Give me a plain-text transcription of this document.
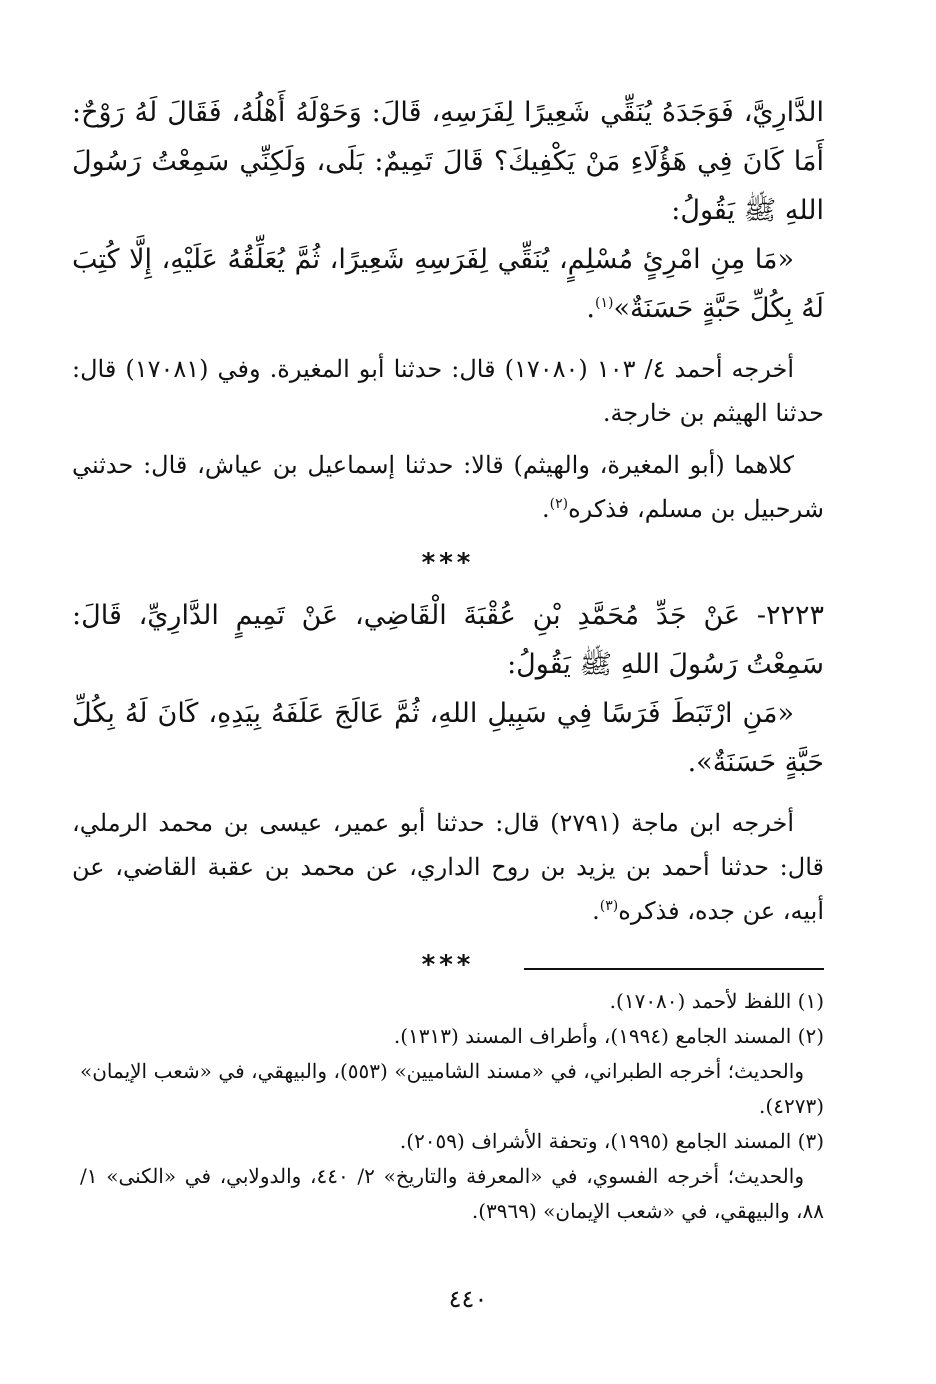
الدَّارِيَّ، فَوَجَدَهُ يُنَقِّي شَعِيرًا لِفَرَسِهِ، قَالَ: وَحَوْلَهُ أَهْلُهُ، فَقَالَ لَهُ رَوْحٌ: أَمَا كَانَ فِي هَؤُلَاءِ مَنْ يَكْفِيكَ؟ قَالَ تَمِيمٌ: بَلَى، وَلَكِنِّي سَمِعْتُ رَسُولَ اللهِ ﷺ يَقُولُ:

«مَا مِنِ امْرِئٍ مُسْلِمٍ، يُنَقِّي لِفَرَسِهِ شَعِيرًا، ثُمَّ يُعَلِّقُهُ عَلَيْهِ، إِلَّا كُتِبَ لَهُ بِكُلِّ حَبَّةٍ حَسَنَةٌ»$^{(١)}$.

أخرجه أحمد ٤/ ١٠٣ (١٧٠٨٠) قال: حدثنا أبو المغيرة. وفي (١٧٠٨١) قال: حدثنا الهيثم بن خارجة.

كلاهما (أبو المغيرة، والهيثم) قالا: حدثنا إسماعيل بن عياش، قال: حدثني شرحبيل بن مسلم، فذكره$^{(٢)}$.

***

٢٢٢٣- عَنْ جَدِّ مُحَمَّدِ بْنِ عُقْبَةَ الْقَاضِي، عَنْ تَمِيمٍ الدَّارِيِّ، قَالَ: سَمِعْتُ رَسُولَ اللهِ ﷺ يَقُولُ:

«مَنِ ارْتَبَطَ فَرَسًا فِي سَبِيلِ اللهِ، ثُمَّ عَالَجَ عَلَفَهُ بِيَدِهِ، كَانَ لَهُ بِكُلِّ حَبَّةٍ حَسَنَةٌ».

أخرجه ابن ماجة (٢٧٩١) قال: حدثنا أبو عمير، عيسى بن محمد الرملي، قال: حدثنا أحمد بن يزيد بن روح الداري، عن محمد بن عقبة القاضي، عن أبيه، عن جده، فذكره$^{(٣)}$.

***

(١) اللفظ لأحمد (١٧٠٨٠).

(٢) المسند الجامع (١٩٩٤)، وأطراف المسند (١٣١٣).

والحديث؛ أخرجه الطبراني، في «مسند الشاميين» (٥٥٣)، والبيهقي، في «شعب الإيمان» (٤٢٧٣).

(٣) المسند الجامع (١٩٩٥)، وتحفة الأشراف (٢٠٥٩).

والحديث؛ أخرجه الفسوي، في «المعرفة والتاريخ» ٢/ ٤٤٠، والدولابي، في «الكنى» ١/ ٨٨، والبيهقي، في «شعب الإيمان» (٣٩٦٩).

٤٤٠
